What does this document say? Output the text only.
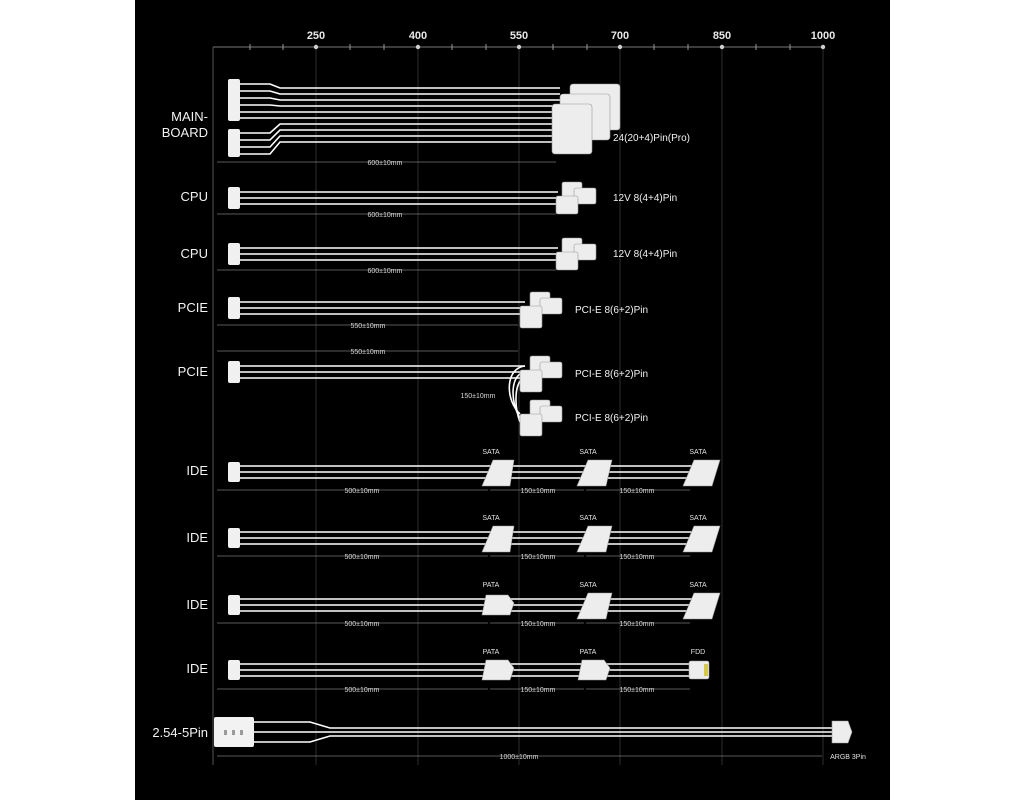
250	400	550	700	850	1000
MAIN-
BOARD	24(20+4)Pin(Pro)
600±10mm
CPU	12V 8(4+4)Pin
600±10mm
CPU	12V 8(4+4)Pin
600±10mm
PCIE	PCI-E 8(6+2)Pin
550±10mm
550±10mm
PCIE	PCI-E 8(6+2)Pin
PCI-E 8(6+2)Pin
150±10mm
IDE
SATA	SATA	SATA
500±10mm	150±10mm	150±10mm
IDE
SATA	SATA	SATA
500±10mm	150±10mm	150±10mm
IDE
PATA	SATA	SATA
500±10mm	150±10mm	150±10mm
IDE
PATA	PATA	FDD
500±10mm	150±10mm	150±10mm
2.54-5Pin
1000±10mm	ARGB 3Pin
